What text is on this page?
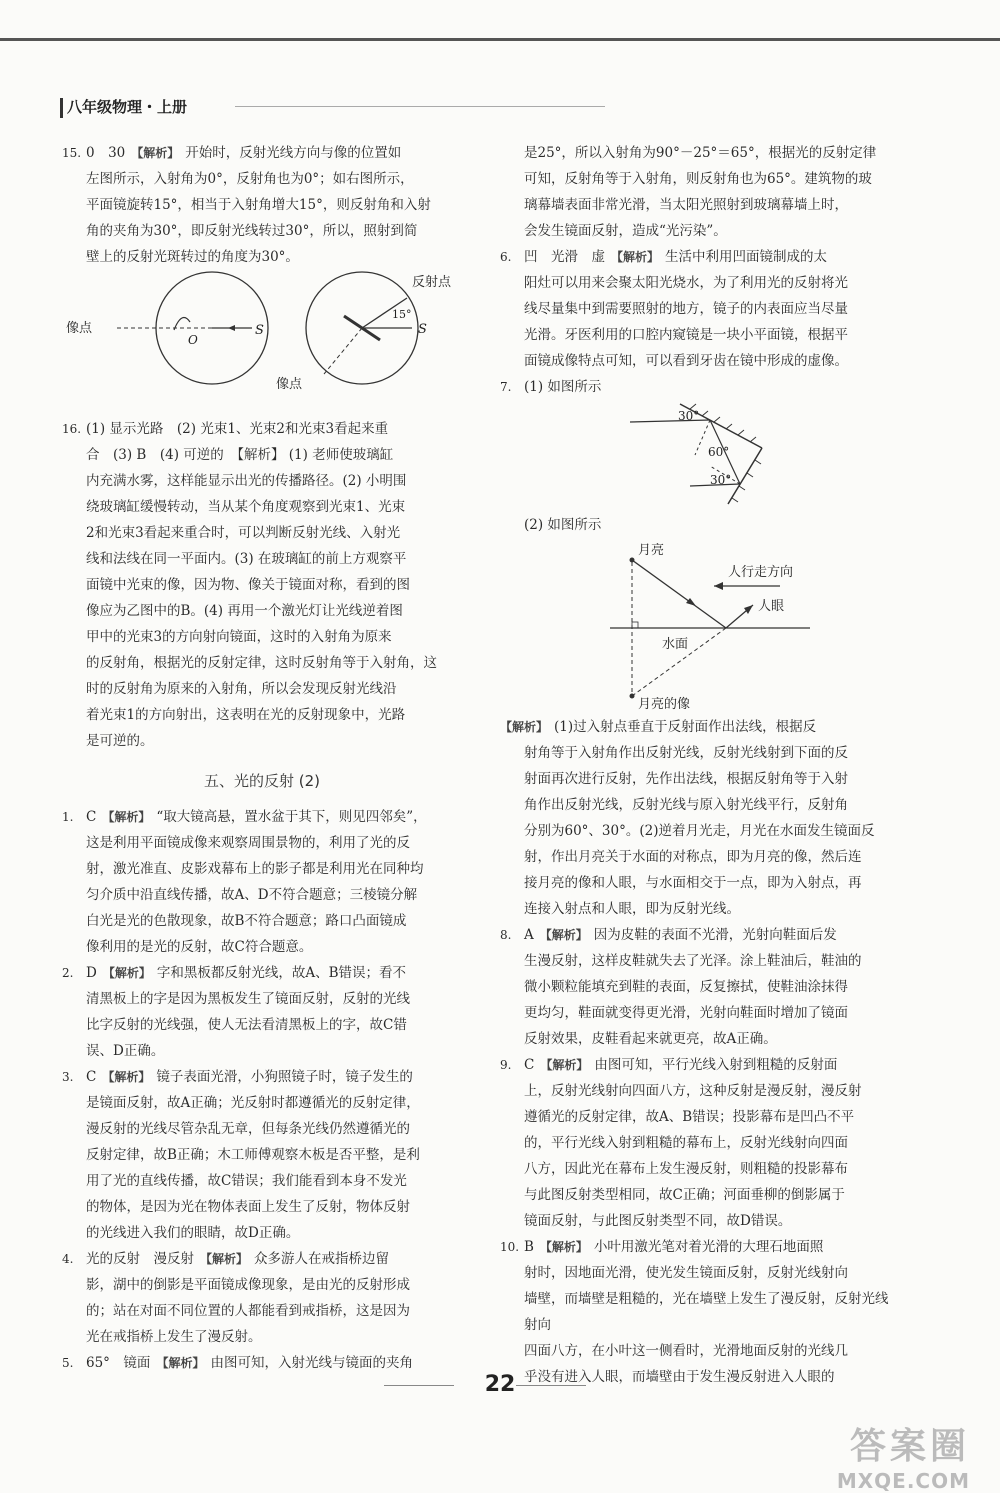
八年级物理・上册
15. 0　30 【解析】 开始时，反射光线方向与像的位置如
左图所示，入射角为0°，反射角也为0°；如右图所示，
平面镜旋转15°，相当于入射角增大15°，则反射角和入射
角的夹角为30°，即反射光线转过30°，所以，照射到简
壁上的反射光斑转过的角度为30°。
像点
O
S
反射点
15°
S
像点
16. (1) 显示光路　(2) 光束1、光束2和光束3看起来重
合　(3) B　(4) 可逆的　【解析】 (1) 老师使玻璃缸
内充满水雾，这样能显示出光的传播路径。(2) 小明围
绕玻璃缸缓慢转动，当从某个角度观察到光束1、光束
2和光束3看起来重合时，可以判断反射光线、入射光
线和法线在同一平面内。(3) 在玻璃缸的前上方观察平
面镜中光束的像，因为物、像关于镜面对称，看到的图
像应为乙图中的B。(4) 再用一个激光灯让光线逆着图
甲中的光束3的方向射向镜面，这时的入射角为原来
的反射角，根据光的反射定律，这时反射角等于入射角，这
时的反射角为原来的入射角，所以会发现反射光线沿
着光束1的方向射出，这表明在光的反射现象中，光路
是可逆的。
五、光的反射 (2)
1. C 【解析】 “取大镜高悬，置水盆于其下，则见四邻矣”，
这是利用平面镜成像来观察周围景物的，利用了光的反
射，激光准直、皮影戏幕布上的影子都是利用光在同种均
匀介质中沿直线传播，故A、D不符合题意；三棱镜分解
白光是光的色散现象，故B不符合题意；路口凸面镜成
像利用的是光的反射，故C符合题意。
2. D 【解析】 字和黑板都反射光线，故A、B错误；看不
清黑板上的字是因为黑板发生了镜面反射，反射的光线
比字反射的光线强，使人无法看清黑板上的字，故C错
误、D正确。
3. C 【解析】 镜子表面光滑，小狗照镜子时，镜子发生的
是镜面反射，故A正确；光反射时都遵循光的反射定律，
漫反射的光线尽管杂乱无章，但每条光线仍然遵循光的
反射定律，故B正确；木工师傅观察木板是否平整，是利
用了光的直线传播，故C错误；我们能看到本身不发光
的物体，是因为光在物体表面上发生了反射，物体反射
的光线进入我们的眼睛，故D正确。
4. 光的反射　漫反射 【解析】 众多游人在戒指桥边留
影，湖中的倒影是平面镜成像现象，是由光的反射形成
的；站在对面不同位置的人都能看到戒指桥，这是因为
光在戒指桥上发生了漫反射。
5. 65°　镜面 【解析】 由图可知，入射光线与镜面的夹角
是25°，所以入射角为90°－25°＝65°，根据光的反射定律
可知，反射角等于入射角，则反射角也为65°。建筑物的玻
璃幕墙表面非常光滑，当太阳光照射到玻璃幕墙上时，
会发生镜面反射，造成“光污染”。
6. 凹　光滑　虚 【解析】 生活中利用凹面镜制成的太
阳灶可以用来会聚太阳光烧水，为了利用光的反射将光
线尽量集中到需要照射的地方，镜子的内表面应当尽量
光滑。牙医利用的口腔内窥镜是一块小平面镜，根据平
面镜成像特点可知，可以看到牙齿在镜中形成的虚像。
7. (1) 如图所示
30°
60°
30°
(2) 如图所示
月亮
人行走方向
人眼
水面
月亮的像
【解析】 (1)过入射点垂直于反射面作出法线，根据反
射角等于入射角作出反射光线，反射光线射到下面的反
射面再次进行反射，先作出法线，根据反射角等于入射
角作出反射光线，反射光线与原入射光线平行，反射角
分别为60°、30°。(2)逆着月光走，月光在水面发生镜面反
射，作出月亮关于水面的对称点，即为月亮的像，然后连
接月亮的像和人眼，与水面相交于一点，即为入射点，再
连接入射点和人眼，即为反射光线。
8. A 【解析】 因为皮鞋的表面不光滑，光射向鞋面后发
生漫反射，这样皮鞋就失去了光泽。涂上鞋油后，鞋油的
微小颗粒能填充到鞋的表面，反复擦拭，使鞋油涂抹得
更均匀，鞋面就变得更光滑，光射向鞋面时增加了镜面
反射效果，皮鞋看起来就更亮，故A正确。
9. C 【解析】 由图可知，平行光线入射到粗糙的反射面
上，反射光线射向四面八方，这种反射是漫反射，漫反射
遵循光的反射定律，故A、B错误；投影幕布是凹凸不平
的，平行光线入射到粗糙的幕布上，反射光线射向四面
八方，因此光在幕布上发生漫反射，则粗糙的投影幕布
与此图反射类型相同，故C正确；河面垂柳的倒影属于
镜面反射，与此图反射类型不同，故D错误。
10. B 【解析】 小叶用激光笔对着光滑的大理石地面照
射时，因地面光滑，使光发生镜面反射，反射光线射向
墙壁，而墙壁是粗糙的，光在墙壁上发生了漫反射，反射光线射向
四面八方，在小叶这一侧看时，光滑地面反射的光线几
乎没有进入人眼，而墙壁由于发生漫反射进入人眼的
22
答案圈
MXQE.COM
